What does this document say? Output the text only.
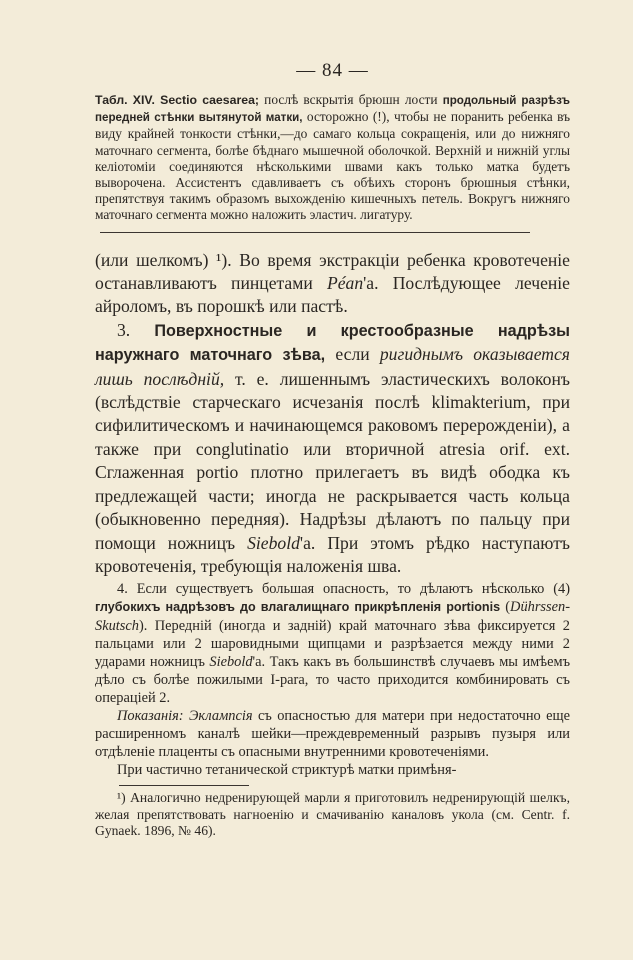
— 84 —

Табл. XIV. Sectio caesarea; послѣ вскрытія брюшн лости продольный разрѣзъ передней стѣнки вытянутой матки, осторожно (!), чтобы не поранить ребенка въ виду крайней тонкости стѣнки,—до самаго кольца сокращенія, или до нижняго маточнаго сегмента, болѣе бѣднаго мышечной оболочкой. Верхній и нижній углы келіотоміи соединяются нѣсколькими швами какъ только матка будетъ выворочена. Ассистентъ сдавливаетъ съ обѣихъ сторонъ брюшныя стѣнки, препятствуя такимъ образомъ выхожденію кишечныхъ петель. Вокругъ нижняго маточнаго сегмента можно наложить эластич. лигатуру.

(или шелкомъ) ¹). Во время экстракціи ребенка кровотеченіе останавливаютъ пинцетами Péan'а. Послѣдующее леченіе айроломъ, въ порошкѣ или пастѣ.

3. Поверхностные и крестообразные надрѣзы наружнаго маточнаго зѣва, если ригиднымъ оказывается лишь послѣдній, т. е. лишеннымъ эластическихъ волоконъ (вслѣдствіе старческаго исчезанія послѣ klimakterium, при сифилитическомъ и начинающемся раковомъ перерожденіи), а также при conglutinatio или вторичной atresia orif. ext. Сглаженная portio плотно прилегаетъ въ видѣ ободка къ предлежащей части; иногда не раскрывается часть кольца (обыкновенно передняя). Надрѣзы дѣлаютъ по пальцу при помощи ножницъ Siebold'а. При этомъ рѣдко наступаютъ кровотеченія, требующія наложенія шва.

4. Если существуетъ большая опасность, то дѣлаютъ нѣсколько (4) глубокихъ надрѣзовъ до влагалищнаго прикрѣпленія portionis (Dührssen-Skutsch). Передній (иногда и задній) край маточнаго зѣва фиксируется 2 пальцами или 2 шаровидными щипцами и разрѣзается между ними 2 ударами ножницъ Siebold'а. Такъ какъ въ большинствѣ случаевъ мы имѣемъ дѣло съ болѣе пожилыми I-para, то часто приходится комбинировать съ операціей 2.

Показанія: Эклампсія съ опасностью для матери при недостаточно еще расширенномъ каналѣ шейки—преждевременный разрывъ пузыря или отдѣленіе плаценты съ опасными внутренними кровотеченіями.

При частично тетанической стриктурѣ матки примѣня-

¹) Аналогично недренирующей марли я приготовилъ недренирующій шелкъ, желая препятствовать нагноенію и смачиванію каналовъ укола (см. Centr. f. Gynaek. 1896, № 46).
